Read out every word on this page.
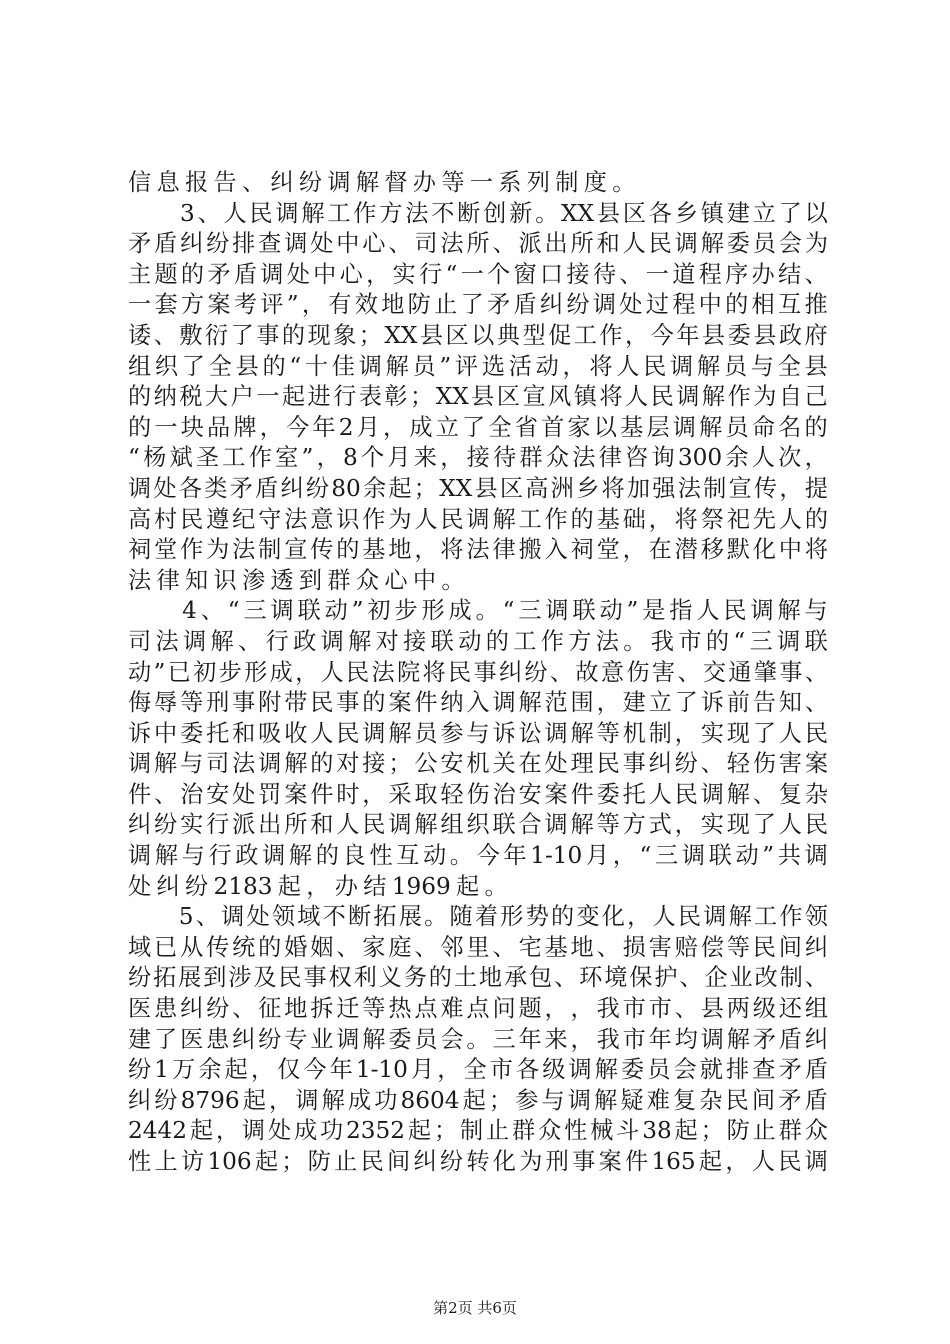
信 息 报 告 、 纠 纷 调 解 督 办 等 一 系 列 制 度 。

3 、 人 民 调 解 工 作 方 法 不 断 创 新 。 XX 县 区 各 乡 镇 建 立 了 以
矛 盾 纠 纷 排 查 调 处 中 心 、 司 法 所 、 派 出 所 和 人 民 调 解 委 员 会 为
主 题 的 矛 盾 调 处 中 心 ， 实 行 “ 一 个 窗 口 接 待 、 一 道 程 序 办 结 、
一 套 方 案 考 评 ” ， 有 效 地 防 止 了 矛 盾 纠 纷 调 处 过 程 中 的 相 互 推
诿 、 敷 衍 了 事 的 现 象 ； XX 县 区 以 典 型 促 工 作 ， 今 年 县 委 县 政 府
组 织 了 全 县 的 “ 十 佳 调 解 员 ” 评 选 活 动 ， 将 人 民 调 解 员 与 全 县
的 纳 税 大 户 一 起 进 行 表 彰 ； XX 县 区 宣 风 镇 将 人 民 调 解 作 为 自 己
的 一 块 品 牌 ， 今 年 2 月 ， 成 立 了 全 省 首 家 以 基 层 调 解 员 命 名 的
“ 杨 斌 圣 工 作 室 ” ， 8 个 月 来 ， 接 待 群 众 法 律 咨 询 300 余 人 次 ，
调 处 各 类 矛 盾 纠 纷 80 余 起 ； XX 县 区 高 洲 乡 将 加 强 法 制 宣 传 ， 提
高 村 民 遵 纪 守 法 意 识 作 为 人 民 调 解 工 作 的 基 础 ， 将 祭 祀 先 人 的
祠 堂 作 为 法 制 宣 传 的 基 地 ， 将 法 律 搬 入 祠 堂 ， 在 潜 移 默 化 中 将
法 律 知 识 渗 透 到 群 众 心 中 。

4 、 “ 三 调 联 动 ” 初 步 形 成 。 “ 三 调 联 动 ” 是 指 人 民 调 解 与
司 法 调 解 、 行 政 调 解 对 接 联 动 的 工 作 方 法 。 我 市 的 “ 三 调 联
动 ” 已 初 步 形 成 ， 人 民 法 院 将 民 事 纠 纷 、 故 意 伤 害 、 交 通 肇 事 、
侮 辱 等 刑 事 附 带 民 事 的 案 件 纳 入 调 解 范 围 ， 建 立 了 诉 前 告 知 、
诉 中 委 托 和 吸 收 人 民 调 解 员 参 与 诉 讼 调 解 等 机 制 ， 实 现 了 人 民
调 解 与 司 法 调 解 的 对 接 ； 公 安 机 关 在 处 理 民 事 纠 纷 、 轻 伤 害 案
件 、 治 安 处 罚 案 件 时 ， 采 取 轻 伤 治 安 案 件 委 托 人 民 调 解 、 复 杂
纠 纷 实 行 派 出 所 和 人 民 调 解 组 织 联 合 调 解 等 方 式 ， 实 现 了 人 民
调 解 与 行 政 调 解 的 良 性 互 动 。 今 年 1-10 月 ， “ 三 调 联 动 ” 共 调
处 纠 纷 2183 起 ， 办 结 1969 起 。

5 、 调 处 领 域 不 断 拓 展 。 随 着 形 势 的 变 化 ， 人 民 调 解 工 作 领
域 已 从 传 统 的 婚 姻 、 家 庭 、 邻 里 、 宅 基 地 、 损 害 赔 偿 等 民 间 纠
纷 拓 展 到 涉 及 民 事 权 利 义 务 的 土 地 承 包 、 环 境 保 护 、 企 业 改 制 、
医 患 纠 纷 、 征 地 拆 迁 等 热 点 难 点 问 题 ， ， 我 市 市 、 县 两 级 还 组
建 了 医 患 纠 纷 专 业 调 解 委 员 会 。 三 年 来 ， 我 市 年 均 调 解 矛 盾 纠
纷 1 万 余 起 ， 仅 今 年 1-10 月 ， 全 市 各 级 调 解 委 员 会 就 排 查 矛 盾
纠 纷 8796 起 ， 调 解 成 功 8604 起 ； 参 与 调 解 疑 难 复 杂 民 间 矛 盾
2442 起 ， 调 处 成 功 2352 起 ； 制 止 群 众 性 械 斗 38 起 ； 防 止 群 众
性 上 访 106 起 ； 防 止 民 间 纠 纷 转 化 为 刑 事 案 件 165 起 ， 人 民 调
第2页 共6页
